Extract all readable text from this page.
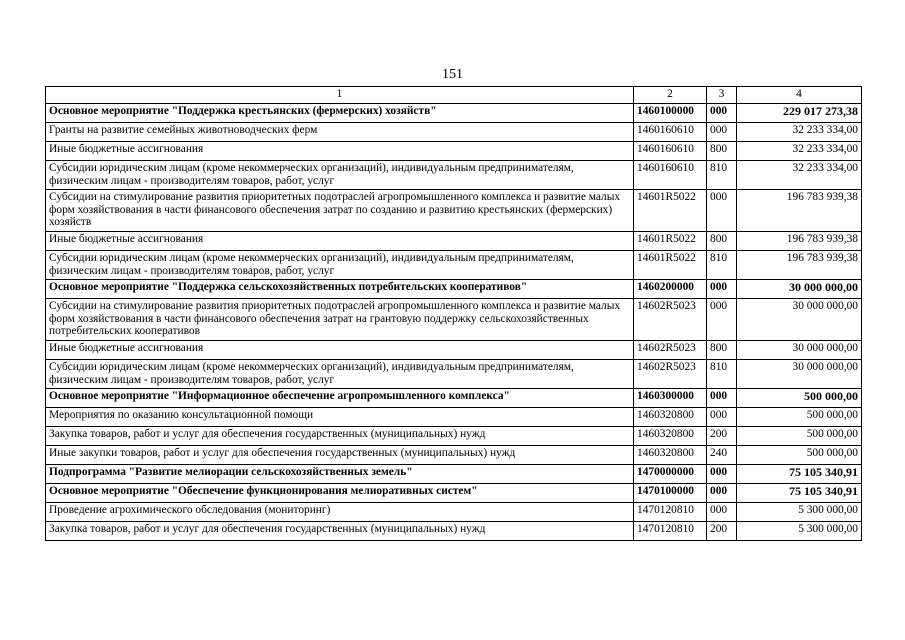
151
1	2	3	4
Основное мероприятие "Поддержка крестьянских (фермерских) хозяйств"	1460100000	000	229 017 273,38
Гранты на развитие семейных животноводческих ферм	1460160610	000	32 233 334,00
Иные бюджетные ассигнования	1460160610	800	32 233 334,00
Субсидии юридическим лицам (кроме некоммерческих организаций), индивидуальным предпринимателям, физическим лицам - производителям товаров, работ, услуг	1460160610	810	32 233 334,00
Субсидии на стимулирование развития приоритетных подотраслей агропромышленного комплекса и развитие малых форм хозяйствования в части финансового обеспечения затрат по созданию и развитию крестьянских (фермерских) хозяйств	14601R5022	000	196 783 939,38
Иные бюджетные ассигнования	14601R5022	800	196 783 939,38
Субсидии юридическим лицам (кроме некоммерческих организаций), индивидуальным предпринимателям, физическим лицам - производителям товаров, работ, услуг	14601R5022	810	196 783 939,38
Основное мероприятие "Поддержка сельскохозяйственных потребительских кооперативов"	1460200000	000	30 000 000,00
Субсидии на стимулирование развития приоритетных подотраслей агропромышленного комплекса и развитие малых форм хозяйствования в части финансового обеспечения затрат на грантовую поддержку сельскохозяйственных потребительских кооперативов	14602R5023	000	30 000 000,00
Иные бюджетные ассигнования	14602R5023	800	30 000 000,00
Субсидии юридическим лицам (кроме некоммерческих организаций), индивидуальным предпринимателям, физическим лицам - производителям товаров, работ, услуг	14602R5023	810	30 000 000,00
Основное мероприятие "Информационное обеспечение агропромышленного комплекса"	1460300000	000	500 000,00
Мероприятия по оказанию консультационной помощи	1460320800	000	500 000,00
Закупка товаров, работ и услуг для обеспечения государственных (муниципальных) нужд	1460320800	200	500 000,00
Иные закупки товаров, работ и услуг для обеспечения государственных (муниципальных) нужд	1460320800	240	500 000,00
Подпрограмма "Развитие мелиорации сельскохозяйственных земель"	1470000000	000	75 105 340,91
Основное мероприятие "Обеспечение функционирования мелиоративных систем"	1470100000	000	75 105 340,91
Проведение агрохимического обследования (мониторинг)	1470120810	000	5 300 000,00
Закупка товаров, работ и услуг для обеспечения государственных (муниципальных) нужд	1470120810	200	5 300 000,00
